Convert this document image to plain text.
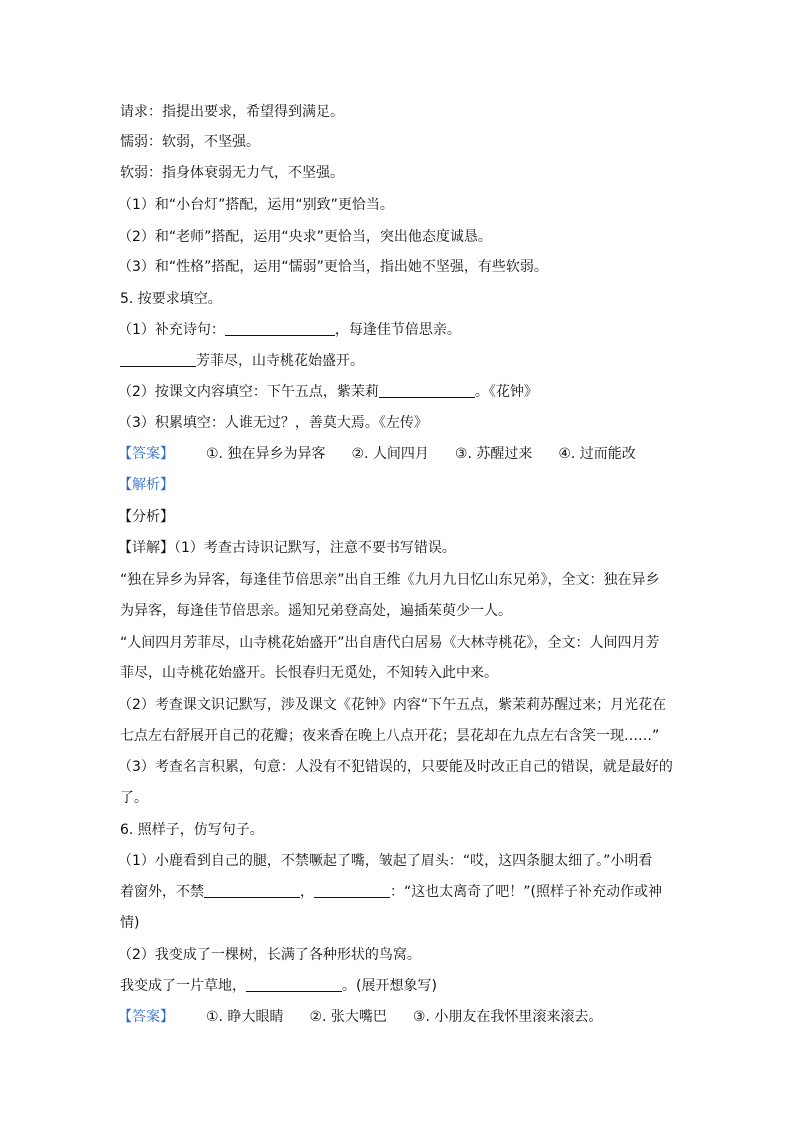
请求：指提出要求，希望得到满足。
懦弱：软弱，不坚强。
软弱：指身体衰弱无力气，不坚强。
（1）和“小台灯”搭配，运用“别致”更恰当。
（2）和“老师”搭配，运用“央求”更恰当，突出他态度诚恳。
（3）和“性格”搭配，运用“懦弱”更恰当，指出她不坚强，有些软弱。
5. 按要求填空。
（1）补充诗句：	，每逢佳节倍思亲。
芳菲尽，山寺桃花始盛开。
（2）按课文内容填空：下午五点，紫茉莉	。《花钟》
（3）积累填空：人谁无过？，善莫大焉。《左传》
【答案】 ①. 独在异乡为异客 ②. 人间四月 ③. 苏醒过来 ④. 过而能改
【解析】
【分析】
【详解】（1）考查古诗识记默写，注意不要书写错误。
“独在异乡为异客，每逢佳节倍思亲”出自王维《九月九日忆山东兄弟》，全文：独在异乡
为异客，每逢佳节倍思亲。遥知兄弟登高处，遍插茱萸少一人。
“人间四月芳菲尽，山寺桃花始盛开”出自唐代白居易《大林寺桃花》，全文：人间四月芳
菲尽，山寺桃花始盛开。长恨春归无觅处，不知转入此中来。
（2）考查课文识记默写，涉及课文《花钟》内容“下午五点，紫茉莉苏醒过来；月光花在
七点左右舒展开自己的花瓣；夜来香在晚上八点开花；昙花却在九点左右含笑一现……”
（3）考查名言积累，句意：人没有不犯错误的，只要能及时改正自己的错误，就是最好的
了。
6. 照样子，仿写句子。
（1）小鹿看到自己的腿，不禁噘起了嘴，皱起了眉头：“哎，这四条腿太细了。”小明看
着窗外，不禁	，	：“这也太离奇了吧！”(照样子补充动作或神
情)
（2）我变成了一棵树，长满了各种形状的鸟窝。
我变成了一片草地，	。(展开想象写)
【答案】 ①. 睁大眼睛 ②. 张大嘴巴 ③. 小朋友在我怀里滚来滚去。
